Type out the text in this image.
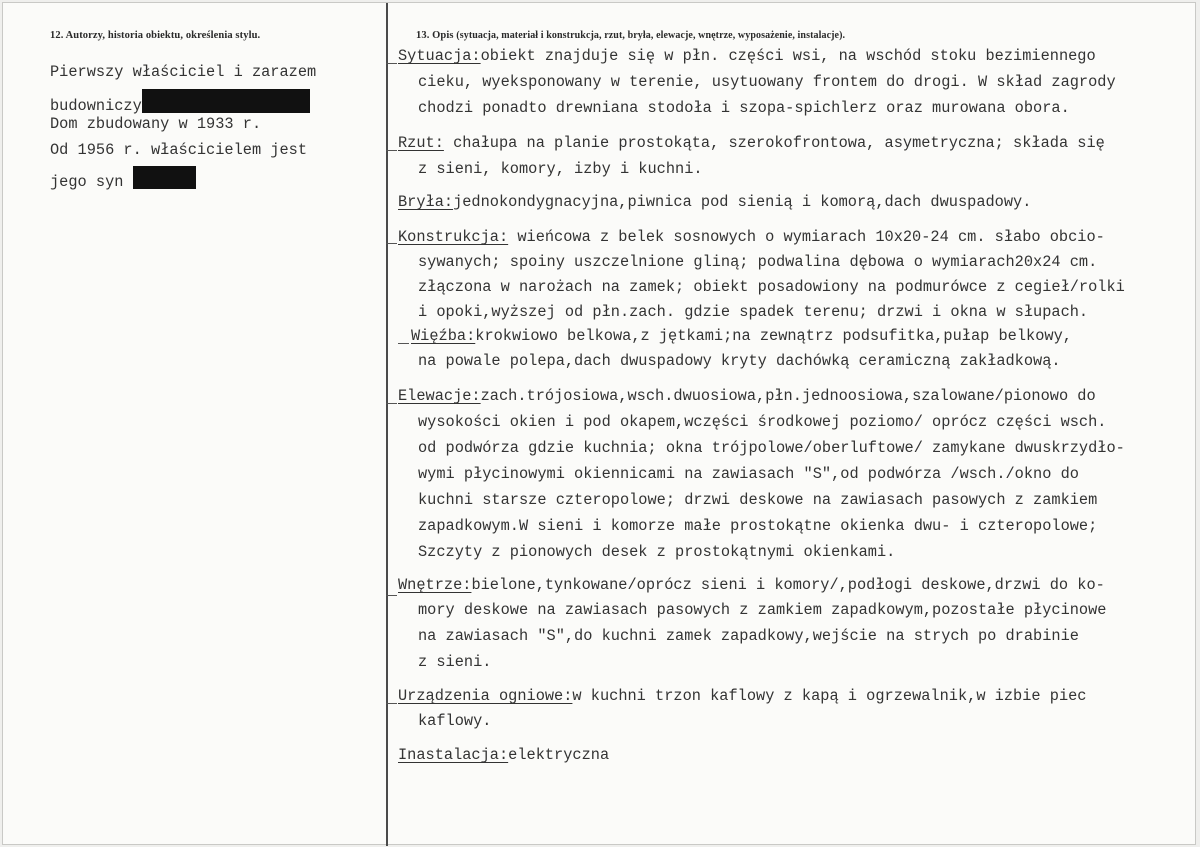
12. Autorzy, historia obiektu, określenia stylu.	13. Opis (sytuacja, materiał i konstrukcja, rzut, bryła, elewacje, wnętrze, wyposażenie, instalacje).
Pierwszy właściciel i zarazem
budowniczy
Dom zbudowany w 1933 r.
Od 1956 r. właścicielem jest
jego syn
Sytuacja:obiekt znajduje się w płn. części wsi, na wschód stoku bezimiennego
cieku, wyeksponowany w terenie, usytuowany frontem do drogi. W skład zagrody
chodzi ponadto drewniana stodoła i szopa-spichlerz oraz murowana obora.
Rzut: chałupa na planie prostokąta, szerokofrontowa, asymetryczna; składa się
z sieni, komory, izby i kuchni.
Bryła:jednokondygnacyjna,piwnica pod sienią i komorą,dach dwuspadowy.
Konstrukcja: wieńcowa z belek sosnowych o wymiarach 10x20-24 cm. słabo obcio-
sywanych; spoiny uszczelnione gliną; podwalina dębowa o wymiarach20x24 cm.
złączona w narożach na zamek; obiekt posadowiony na podmurówce z cegieł/rolki
i opoki,wyższej od płn.zach. gdzie spadek terenu; drzwi i okna w słupach.
Więźba:krokwiowo belkowa,z jętkami;na zewnątrz podsufitka,pułap belkowy,
na powale polepa,dach dwuspadowy kryty dachówką ceramiczną zakładkową.
Elewacje:zach.trójosiowa,wsch.dwuosiowa,płn.jednoosiowa,szalowane/pionowo do
wysokości okien i pod okapem,wczęści środkowej poziomo/ oprócz części wsch.
od podwórza gdzie kuchnia; okna trójpolowe/oberluftowe/ zamykane dwuskrzydło-
wymi płycinowymi okiennicami na zawiasach "S",od podwórza /wsch./okno do
kuchni starsze czteropolowe; drzwi deskowe na zawiasach pasowych z zamkiem
zapadkowym.W sieni i komorze małe prostokątne okienka dwu- i czteropolowe;
Szczyty z pionowych desek z prostokątnymi okienkami.
Wnętrze:bielone,tynkowane/oprócz sieni i komory/,podłogi deskowe,drzwi do ko-
mory deskowe na zawiasach pasowych z zamkiem zapadkowym,pozostałe płycinowe
na zawiasach "S",do kuchni zamek zapadkowy,wejście na strych po drabinie
z sieni.
Urządzenia ogniowe:w kuchni trzon kaflowy z kapą i ogrzewalnik,w izbie piec
kaflowy.
Inastalacja:elektryczna
